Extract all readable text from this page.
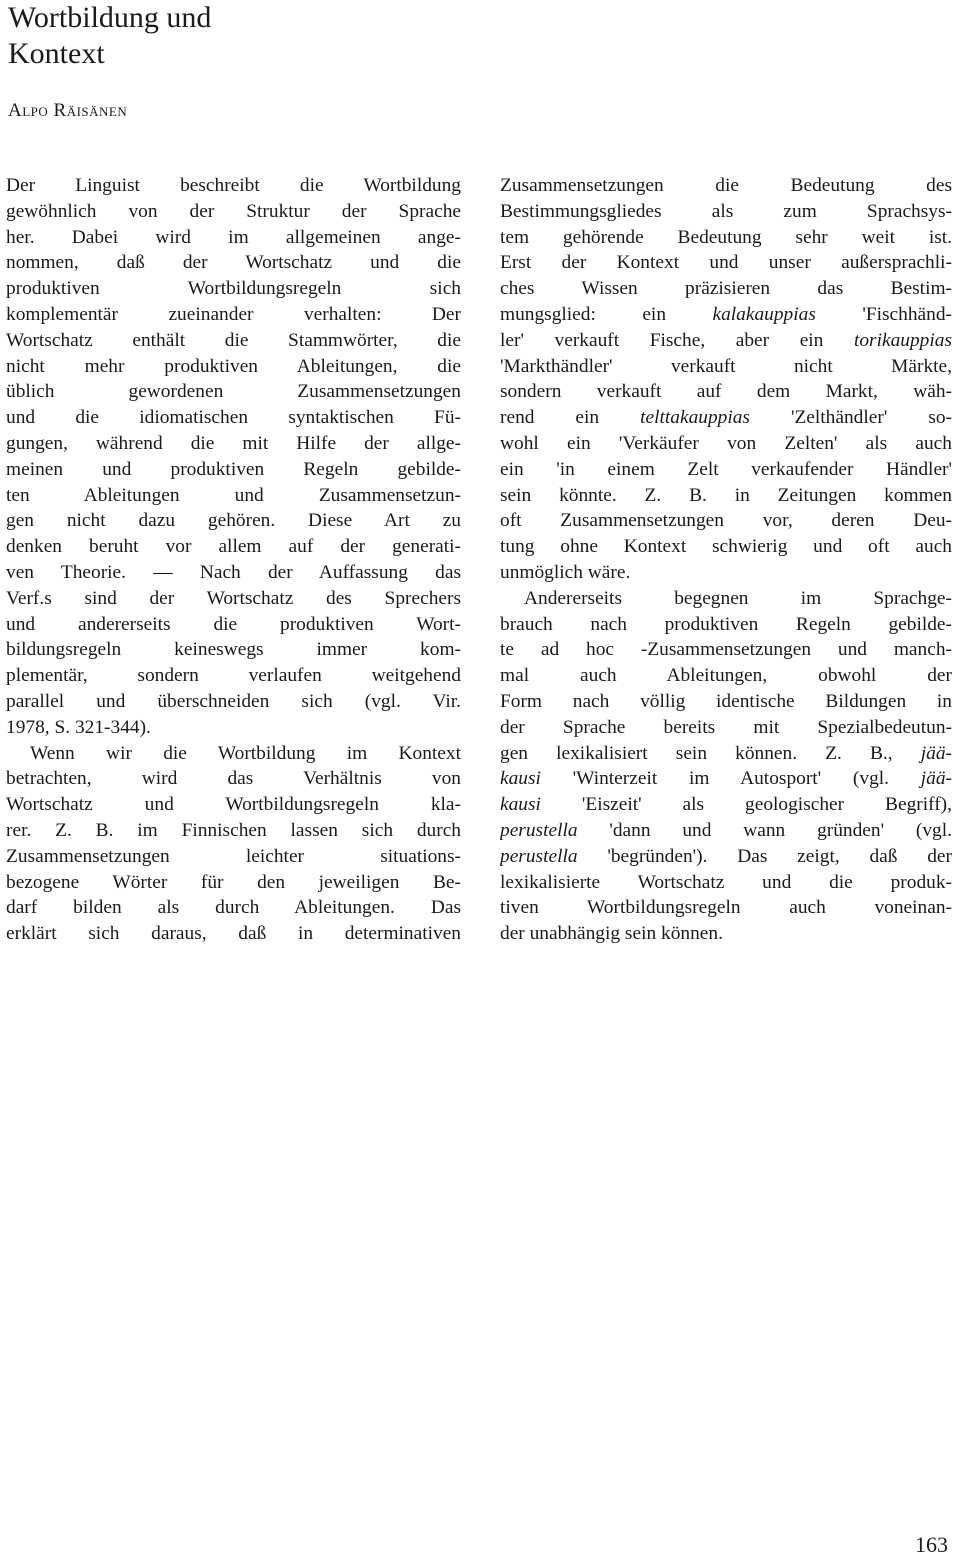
Wortbildung und
Kontext
Alpo Räisänen
Der Linguist beschreibt die Wortbildung
gewöhnlich von der Struktur der Sprache
her. Dabei wird im allgemeinen ange-
nommen, daß der Wortschatz und die
produktiven Wortbildungsregeln sich
komplementär zueinander verhalten: Der
Wortschatz enthält die Stammwörter, die
nicht mehr produktiven Ableitungen, die
üblich gewordenen Zusammensetzungen
und die idiomatischen syntaktischen Fü-
gungen, während die mit Hilfe der allge-
meinen und produktiven Regeln gebilde-
ten Ableitungen und Zusammensetzun-
gen nicht dazu gehören. Diese Art zu
denken beruht vor allem auf der generati-
ven Theorie. — Nach der Auffassung das
Verf.s sind der Wortschatz des Sprechers
und andererseits die produktiven Wort-
bildungsregeln keineswegs immer kom-
plementär, sondern verlaufen weitgehend
parallel und überschneiden sich (vgl. Vir.
1978, S. 321-344).
Wenn wir die Wortbildung im Kontext
betrachten, wird das Verhältnis von
Wortschatz und Wortbildungsregeln kla-
rer. Z. B. im Finnischen lassen sich durch
Zusammensetzungen leichter situations-
bezogene Wörter für den jeweiligen Be-
darf bilden als durch Ableitungen. Das
erklärt sich daraus, daß in determinativen
Zusammensetzungen die Bedeutung des
Bestimmungsgliedes als zum Sprachsys-
tem gehörende Bedeutung sehr weit ist.
Erst der Kontext und unser außersprachli-
ches Wissen präzisieren das Bestim-
mungsglied: ein kalakauppias 'Fischhänd-
ler' verkauft Fische, aber ein torikauppias
'Markthändler' verkauft nicht Märkte,
sondern verkauft auf dem Markt, wäh-
rend ein telttakauppias 'Zelthändler' so-
wohl ein 'Verkäufer von Zelten' als auch
ein 'in einem Zelt verkaufender Händler'
sein könnte. Z. B. in Zeitungen kommen
oft Zusammensetzungen vor, deren Deu-
tung ohne Kontext schwierig und oft auch
unmöglich wäre.
Andererseits begegnen im Sprachge-
brauch nach produktiven Regeln gebilde-
te ad hoc -Zusammensetzungen und manch-
mal auch Ableitungen, obwohl der
Form nach völlig identische Bildungen in
der Sprache bereits mit Spezialbedeutun-
gen lexikalisiert sein können. Z. B., jää-
kausi 'Winterzeit im Autosport' (vgl. jää-
kausi 'Eiszeit' als geologischer Begriff),
perustella 'dann und wann gründen' (vgl.
perustella 'begründen'). Das zeigt, daß der
lexikalisierte Wortschatz und die produk-
tiven Wortbildungsregeln auch voneinan-
der unabhängig sein können.
163
